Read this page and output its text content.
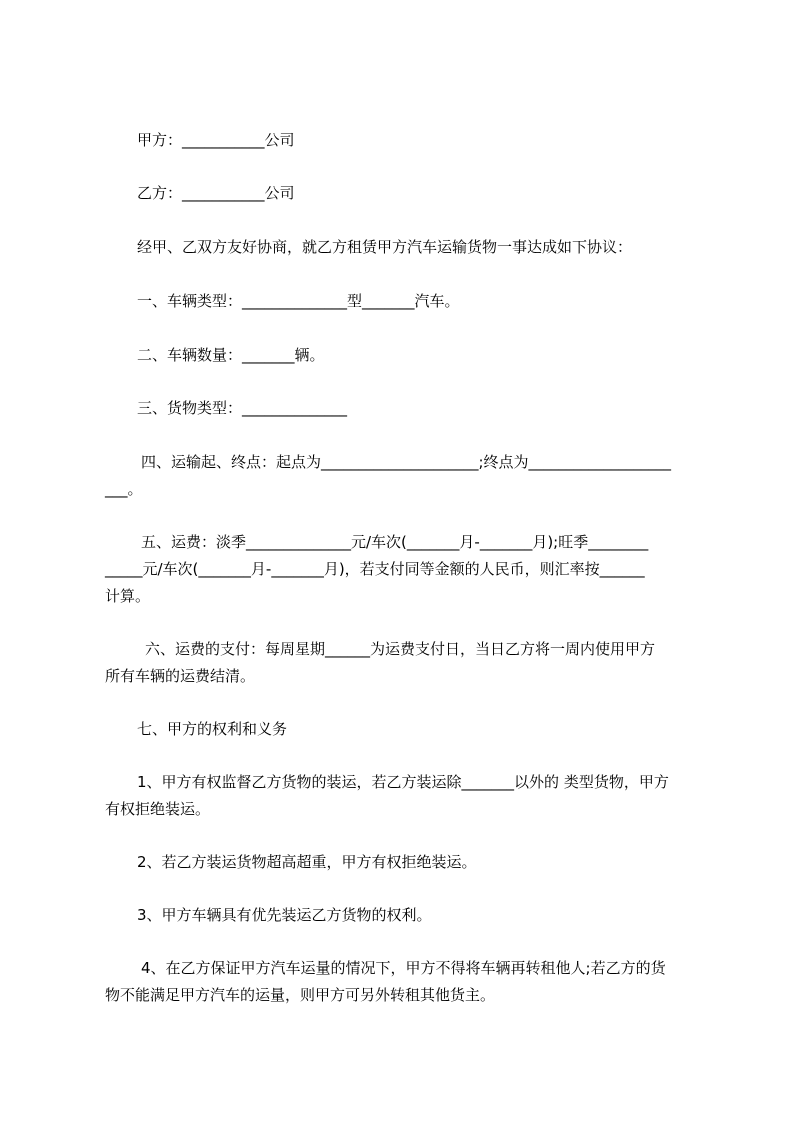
甲方：___________公司
乙方：___________公司
经甲、乙双方友好协商，就乙方租赁甲方汽车运输货物一事达成如下协议：
一、车辆类型：______________型_______汽车。
二、车辆数量：_______辆。
三、货物类型：______________
四、运输起、终点：起点为_____________________;终点为___________________
___。
五、运费：淡季______________元/车次(_______月-_______月);旺季________
_____元/车次(_______月-_______月)，若支付同等金额的人民币，则汇率按______
计算。
六、运费的支付：每周星期______为运费支付日，当日乙方将一周内使用甲方
所有车辆的运费结清。
七、甲方的权利和义务
1、甲方有权监督乙方货物的装运，若乙方装运除_______以外的 类型货物，甲方
有权拒绝装运。
2、若乙方装运货物超高超重，甲方有权拒绝装运。
3、甲方车辆具有优先装运乙方货物的权利。
4、在乙方保证甲方汽车运量的情况下，甲方不得将车辆再转租他人;若乙方的货
物不能满足甲方汽车的运量，则甲方可另外转租其他货主。
